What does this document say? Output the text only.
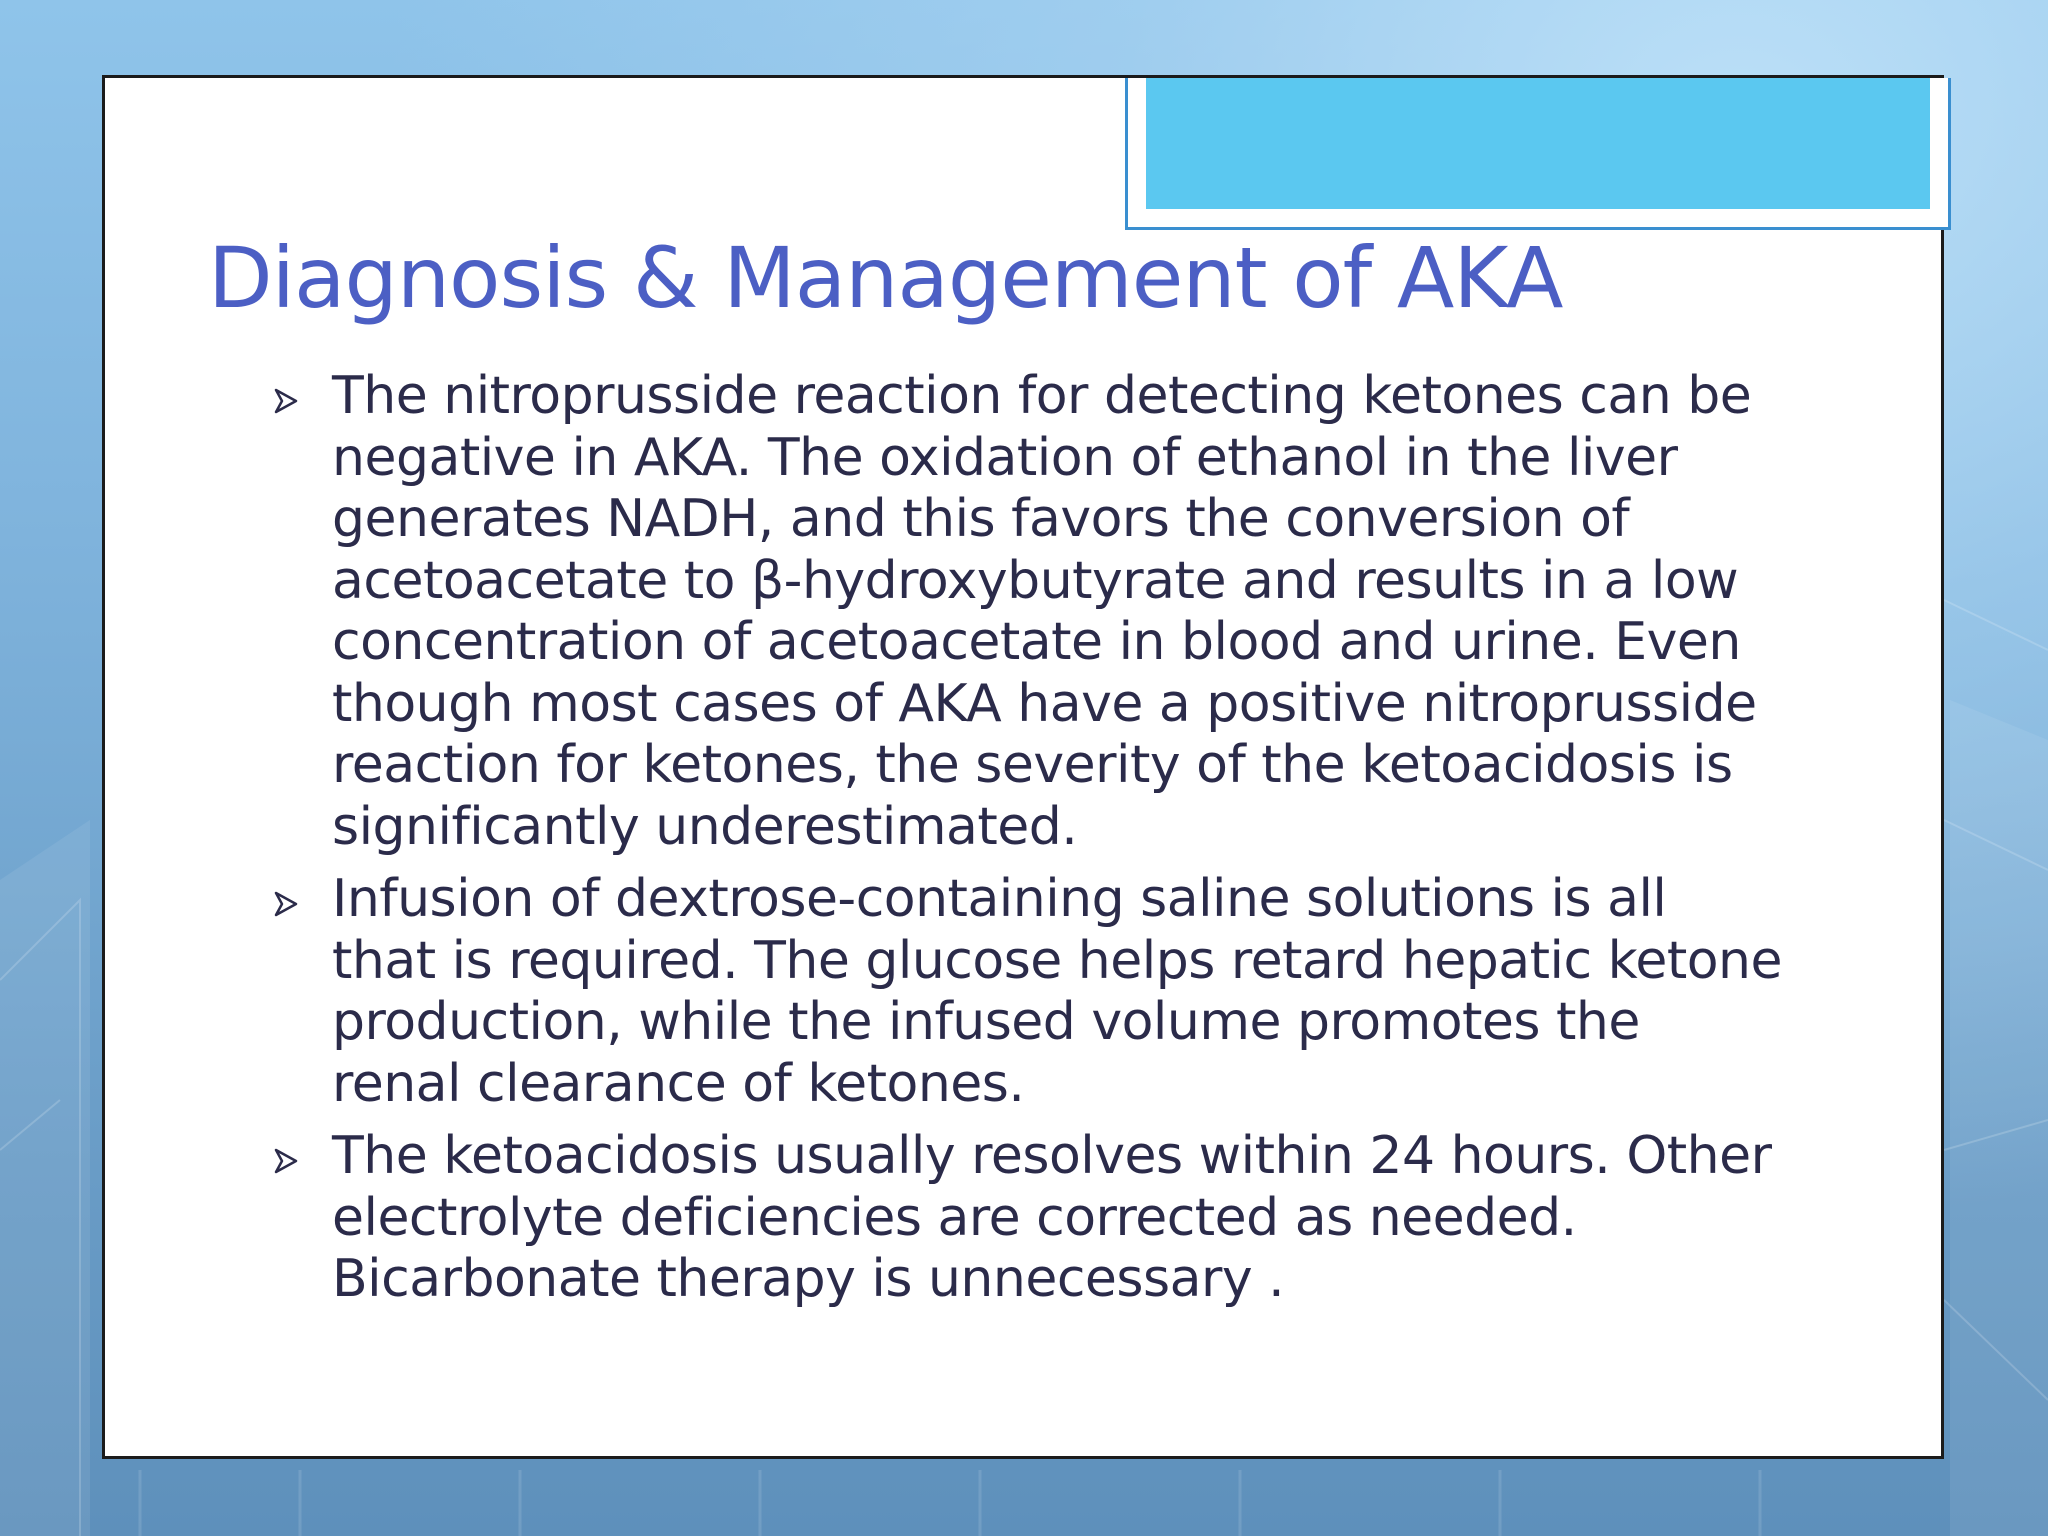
Diagnosis & Management of AKA
The nitroprusside reaction for detecting ketones can be negative in AKA. The oxidation of ethanol in the liver generates NADH, and this favors the conversion of acetoacetate to β-hydroxybutyrate and results in a low concentration of acetoacetate in blood and urine. Even though most cases of AKA have a positive nitroprusside reaction for ketones, the severity of the ketoacidosis is significantly underestimated.
Infusion of dextrose-containing saline solutions is all that is required. The glucose helps retard hepatic ketone production, while the infused volume promotes the renal clearance of ketones.
The ketoacidosis usually resolves within 24 hours. Other electrolyte deficiencies are corrected as needed. Bicarbonate therapy is unnecessary .
